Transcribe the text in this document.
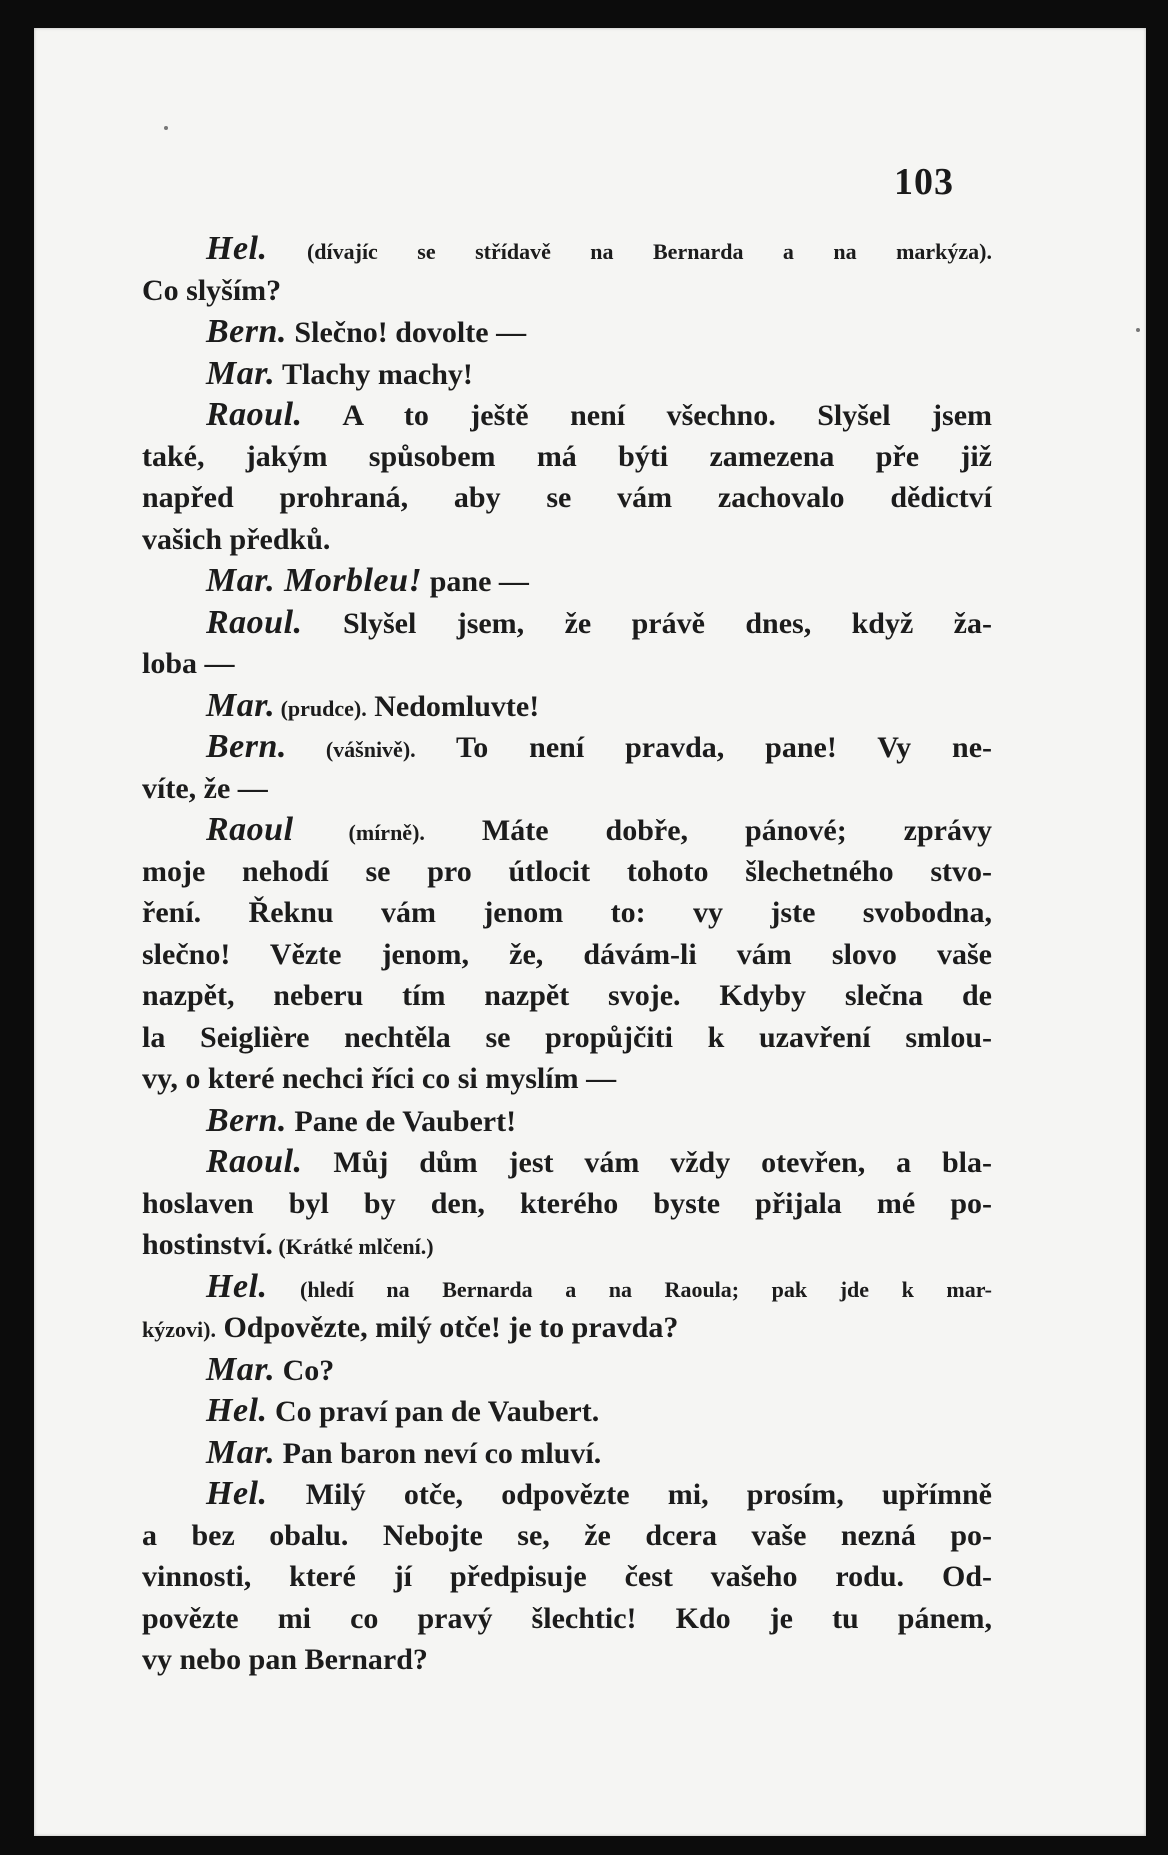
103
Hel. (dívajíc se střídavě na Bernarda a na markýza).
Co slyším?
Bern. Slečno! dovolte —
Mar. Tlachy machy!
Raoul. A to ještě není všechno. Slyšel jsem
také, jakým spůsobem má býti zamezena pře již
napřed prohraná, aby se vám zachovalo dědictví
vašich předků.
Mar. Morbleu! pane —
Raoul. Slyšel jsem, že právě dnes, když ža-
loba —
Mar. (prudce). Nedomluvte!
Bern. (vášnivě). To není pravda, pane! Vy ne-
víte, že —
Raoul (mírně). Máte dobře, pánové; zprávy
moje nehodí se pro útlocit tohoto šlechetného stvo-
ření. Řeknu vám jenom to: vy jste svobodna,
slečno! Vězte jenom, že, dávám-li vám slovo vaše
nazpět, neberu tím nazpět svoje. Kdyby slečna de
la Seiglière nechtěla se propůjčiti k uzavření smlou-
vy, o které nechci říci co si myslím —
Bern. Pane de Vaubert!
Raoul. Můj dům jest vám vždy otevřen, a bla-
hoslaven byl by den, kterého byste přijala mé po-
hostinství. (Krátké mlčení.)
Hel. (hledí na Bernarda a na Raoula; pak jde k mar-
kýzovi). Odpovězte, milý otče! je to pravda?
Mar. Co?
Hel. Co praví pan de Vaubert.
Mar. Pan baron neví co mluví.
Hel. Milý otče, odpovězte mi, prosím, upřímně
a bez obalu. Nebojte se, že dcera vaše nezná po-
vinnosti, které jí předpisuje čest vašeho rodu. Od-
povězte mi co pravý šlechtic! Kdo je tu pánem,
vy nebo pan Bernard?
